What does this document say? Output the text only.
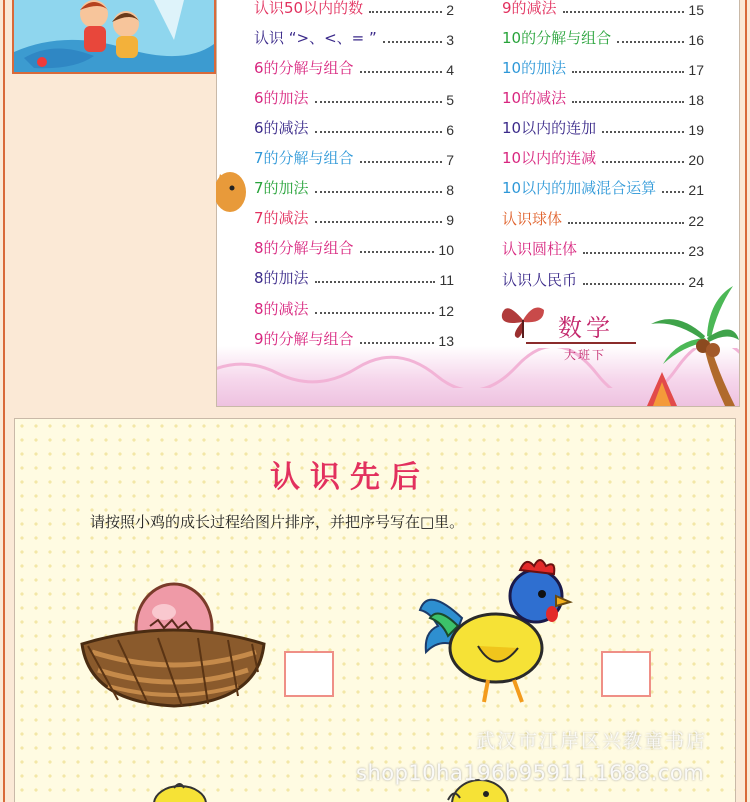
认识50以内的数	2
认识 “>、<、= ”	3
6的分解与组合	4
6的加法	5
6的减法	6
7的分解与组合	7
7的加法	8
7的减法	9
8的分解与组合	10
8的加法	11
8的减法	12
9的分解与组合	13
9的减法	15
10的分解与组合	16
10的加法	17
10的减法	18
10以内的连加	19
10以内的连减	20
10以内的加减混合运算 21
认识球体	22
认识圆柱体	23
认识人民币	24
数学
大班下
认识先后
请按照小鸡的成长过程给图片排序，并把序号写在□里。
武汉市江岸区兴教童书店
shop10ha196b95911.1688.com
